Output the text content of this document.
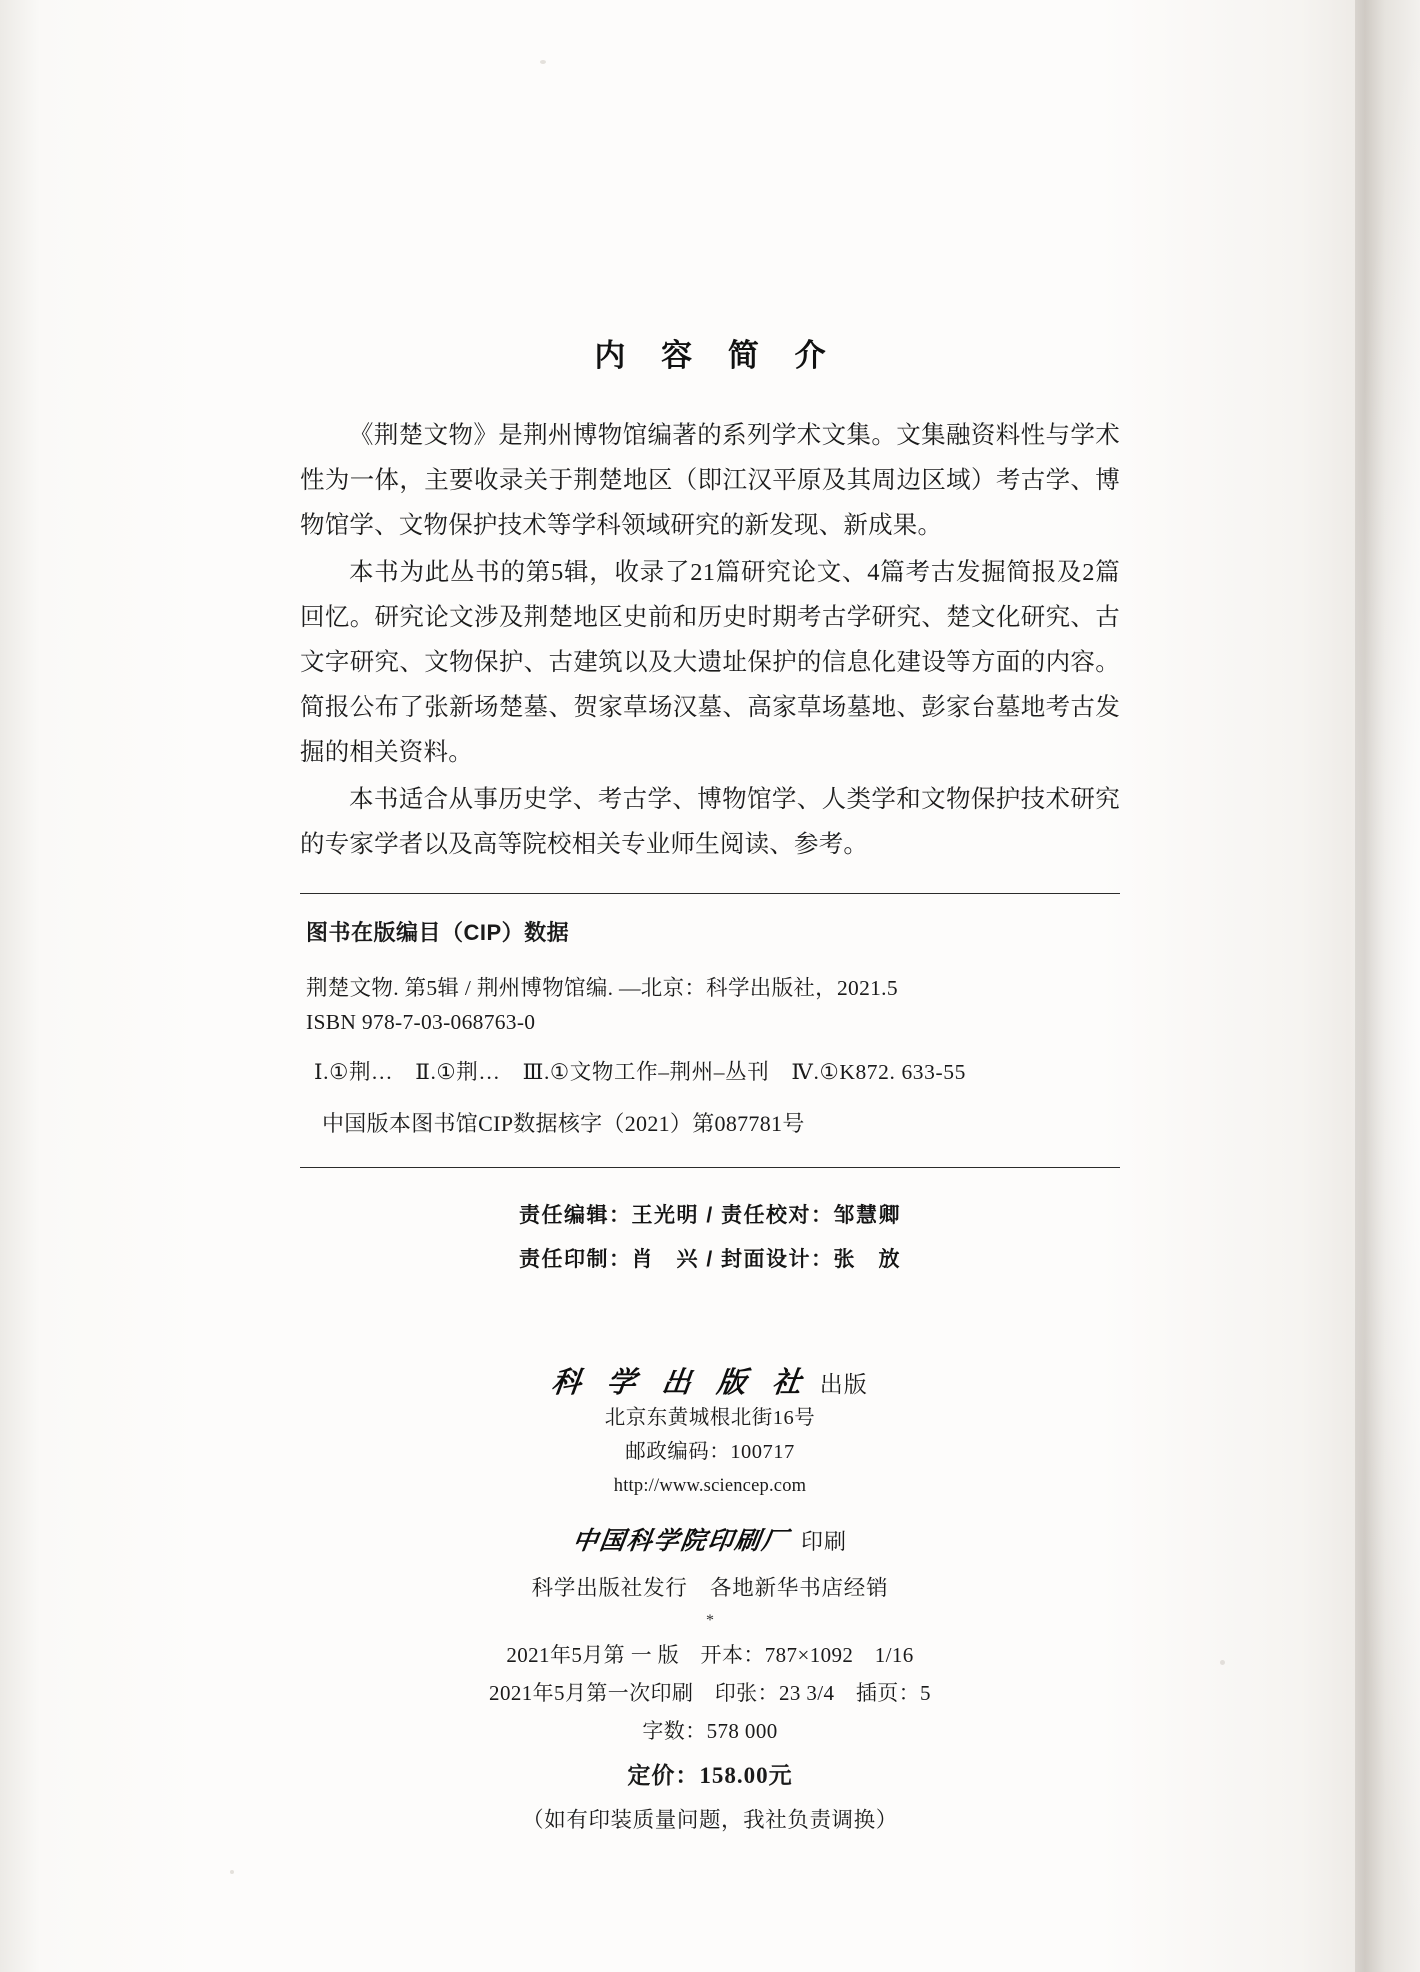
内 容 简 介

《荆楚文物》是荆州博物馆编著的系列学术文集。文集融资料性与学术性为一体，主要收录关于荆楚地区（即江汉平原及其周边区域）考古学、博物馆学、文物保护技术等学科领域研究的新发现、新成果。

本书为此丛书的第5辑，收录了21篇研究论文、4篇考古发掘简报及2篇回忆。研究论文涉及荆楚地区史前和历史时期考古学研究、楚文化研究、古文字研究、文物保护、古建筑以及大遗址保护的信息化建设等方面的内容。简报公布了张新场楚墓、贺家草场汉墓、高家草场墓地、彭家台墓地考古发掘的相关资料。

本书适合从事历史学、考古学、博物馆学、人类学和文物保护技术研究的专家学者以及高等院校相关专业师生阅读、参考。

图书在版编目（CIP）数据
荆楚文物. 第5辑 / 荆州博物馆编. —北京：科学出版社，2021.5
ISBN 978-7-03-068763-0
Ⅰ.①荆…　Ⅱ.①荆…　Ⅲ.①文物工作–荆州–丛刊　Ⅳ.①K872. 633-55
中国版本图书馆CIP数据核字（2021）第087781号
责任编辑：王光明 / 责任校对：邹慧卿
责任印制：肖　兴 / 封面设计：张　放
科 学 出 版 社 出版
北京东黄城根北街16号
邮政编码：100717
http://www.sciencep.com
中国科学院印刷厂 印刷
科学出版社发行　各地新华书店经销
*
2021年5月第 一 版　开本：787×1092　1/16
2021年5月第一次印刷　印张：23 3/4　插页：5
字数：578 000
定价：158.00元
（如有印装质量问题，我社负责调换）
